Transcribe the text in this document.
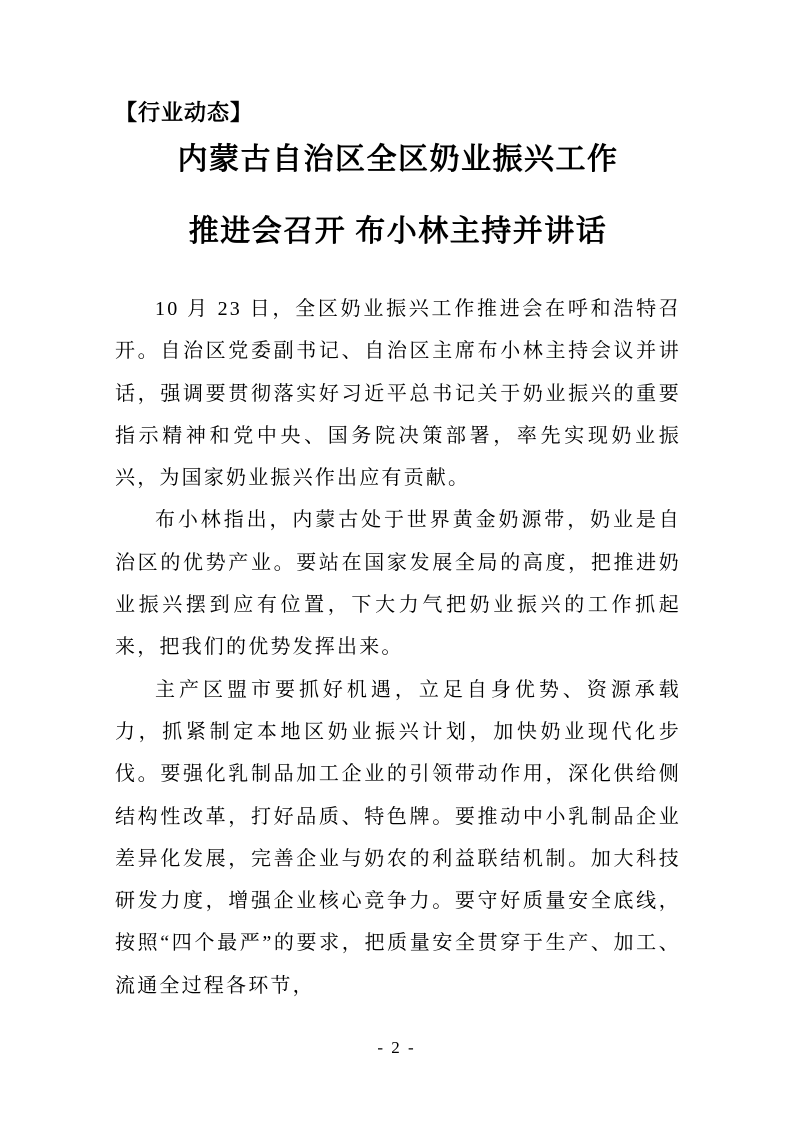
【行业动态】
内蒙古自治区全区奶业振兴工作
推进会召开 布小林主持并讲话

10 月 23 日，全区奶业振兴工作推进会在呼和浩特召开。自治区党委副书记、自治区主席布小林主持会议并讲话，强调要贯彻落实好习近平总书记关于奶业振兴的重要指示精神和党中央、国务院决策部署，率先实现奶业振兴，为国家奶业振兴作出应有贡献。

布小林指出，内蒙古处于世界黄金奶源带，奶业是自治区的优势产业。要站在国家发展全局的高度，把推进奶业振兴摆到应有位置，下大力气把奶业振兴的工作抓起来，把我们的优势发挥出来。

主产区盟市要抓好机遇，立足自身优势、资源承载力，抓紧制定本地区奶业振兴计划，加快奶业现代化步伐。要强化乳制品加工企业的引领带动作用，深化供给侧结构性改革，打好品质、特色牌。要推动中小乳制品企业差异化发展，完善企业与奶农的利益联结机制。加大科技研发力度，增强企业核心竞争力。要守好质量安全底线，按照“四个最严”的要求，把质量安全贯穿于生产、加工、流通全过程各环节，

- 2 -
